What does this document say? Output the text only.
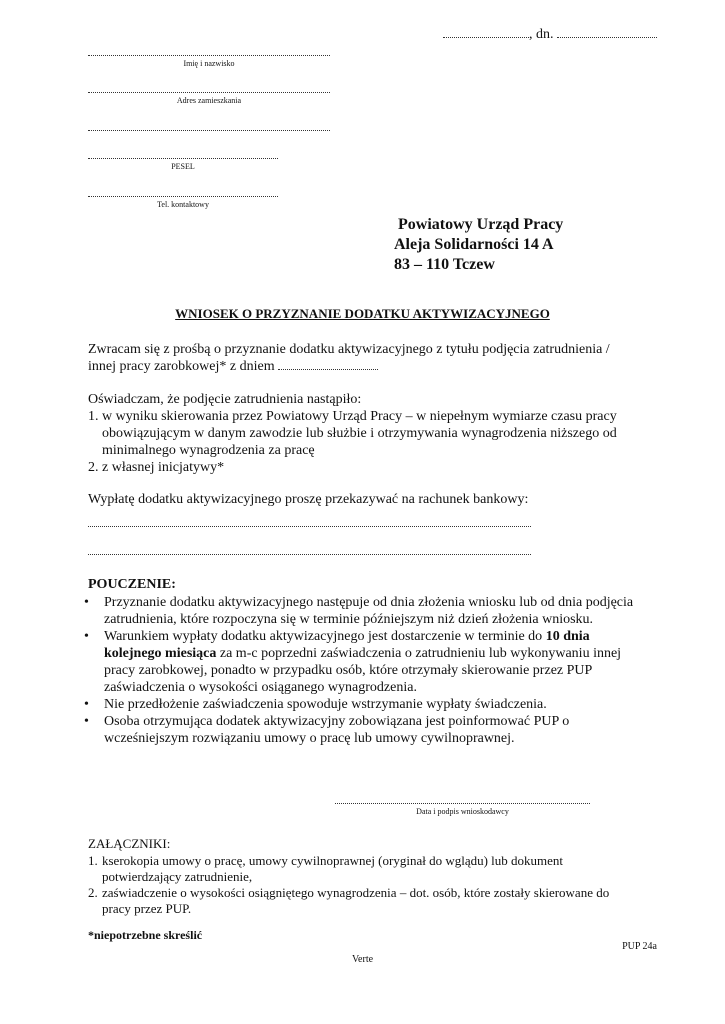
, dn.
Imię i nazwisko
Adres zamieszkania
PESEL
Tel. kontaktowy
Powiatowy Urząd Pracy
Aleja Solidarności 14 A
83 – 110 Tczew
WNIOSEK O PRZYZNANIE DODATKU AKTYWIZACYJNEGO
Zwracam się z prośbą o przyznanie dodatku aktywizacyjnego z tytułu podjęcia zatrudnienia /
innej pracy zarobkowej* z dniem
Oświadczam, że podjęcie zatrudnienia nastąpiło:
1. w wyniku skierowania przez Powiatowy Urząd Pracy – w niepełnym wymiarze czasu pracy obowiązującym w danym zawodzie lub służbie i otrzymywania wynagrodzenia niższego od minimalnego wynagrodzenia za pracę
2. z własnej inicjatywy*
Wypłatę dodatku aktywizacyjnego proszę przekazywać na rachunek bankowy:
POUCZENIE:
•	Przyznanie dodatku aktywizacyjnego następuje od dnia złożenia wniosku lub od dnia podjęcia zatrudnienia, które rozpoczyna się w terminie późniejszym niż dzień złożenia wniosku.
•	Warunkiem wypłaty dodatku aktywizacyjnego jest dostarczenie w terminie do 10 dnia kolejnego miesiąca za m-c poprzedni zaświadczenia o zatrudnieniu lub wykonywaniu innej pracy zarobkowej, ponadto w przypadku osób, które otrzymały skierowanie przez PUP zaświadczenia o wysokości osiąganego wynagrodzenia.
•	Nie przedłożenie zaświadczenia spowoduje wstrzymanie wypłaty świadczenia.
•	Osoba otrzymująca dodatek aktywizacyjny zobowiązana jest poinformować PUP o wcześniejszym rozwiązaniu umowy o pracę lub umowy cywilnoprawnej.
Data i podpis wnioskodawcy
ZAŁĄCZNIKI:
1. kserokopia umowy o pracę, umowy cywilnoprawnej (oryginał do wglądu) lub dokument potwierdzający zatrudnienie,
2. zaświadczenie o wysokości osiągniętego wynagrodzenia – dot. osób, które zostały skierowane do pracy przez PUP.
*niepotrzebne skreślić
PUP 24a
Verte
